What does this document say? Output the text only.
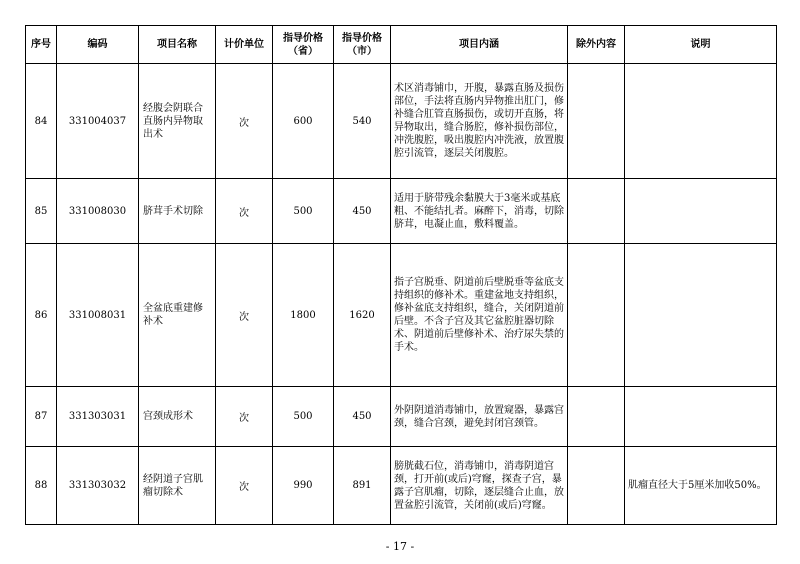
序号	编码	项目名称	计价单位	指导价格（省）	指导价格（市）	项目内涵	除外内容	说明
84	331004037	经腹会阴联合直肠内异物取出术	次	600	540	术区消毒铺巾，开腹，暴露直肠及损伤部位，手法将直肠内异物推出肛门，修补缝合肛管直肠损伤，或切开直肠，将异物取出，缝合肠腔，修补损伤部位，冲洗腹腔，吸出腹腔内冲洗液，放置腹腔引流管，逐层关闭腹腔。		
85	331008030	脐茸手术切除	次	500	450	适用于脐带残余黏膜大于3毫米或基底粗、不能结扎者。麻醉下，消毒，切除脐茸，电凝止血，敷料覆盖。		
86	331008031	全盆底重建修补术	次	1800	1620	指子宫脱垂、阴道前后壁脱垂等盆底支持组织的修补术。重建盆地支持组织，修补盆底支持组织，缝合，关闭阴道前后壁。不含子宫及其它盆腔脏器切除术、阴道前后壁修补术、治疗尿失禁的手术。		
87	331303031	宫颈成形术	次	500	450	外阴阴道消毒铺巾，放置窥器，暴露宫颈，缝合宫颈，避免封闭宫颈管。		
88	331303032	经阴道子宫肌瘤切除术	次	990	891	膀胱截石位，消毒铺巾，消毒阴道宫颈，打开前(或后)穹窿，探查子宫，暴露子宫肌瘤，切除，逐层缝合止血，放置盆腔引流管，关闭前(或后)穹窿。		肌瘤直径大于5厘米加收50%。
- 17 -
